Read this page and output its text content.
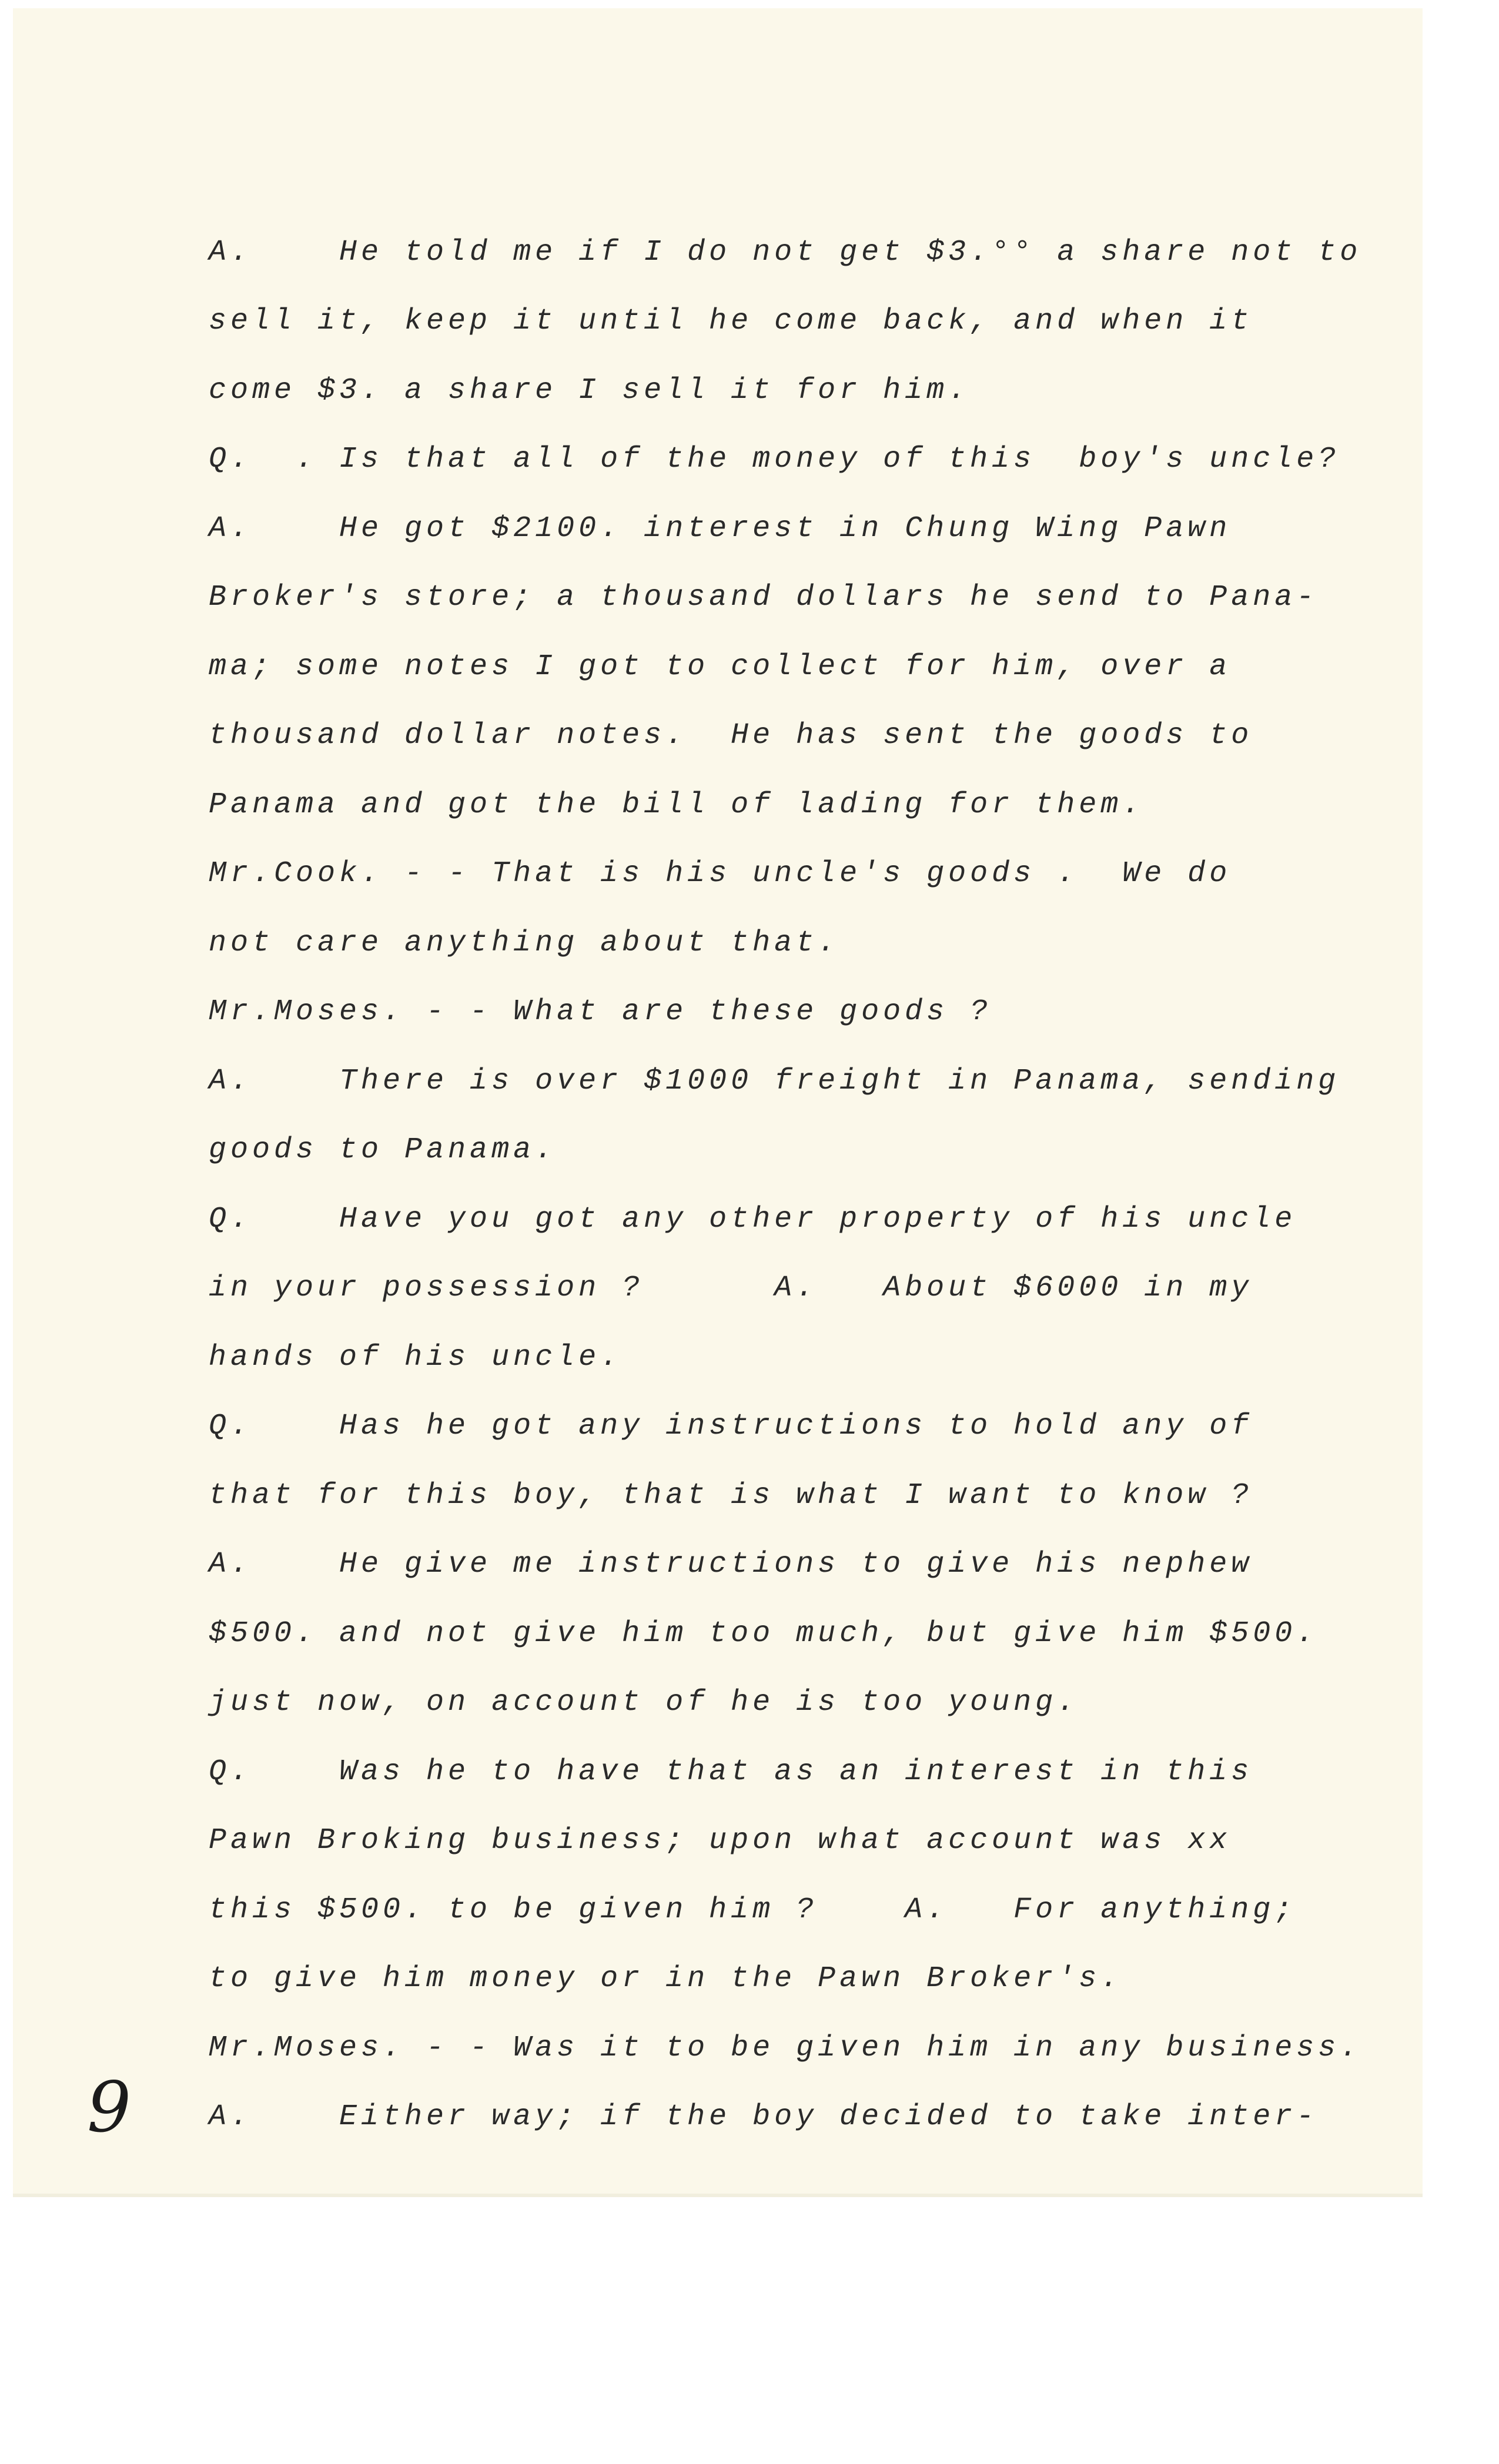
A.    He told me if I do not get $3.°° a share not to
sell it, keep it until he come back, and when it
come $3. a share I sell it for him.
Q.  . Is that all of the money of this  boy's uncle?
A.    He got $2100. interest in Chung Wing Pawn
Broker's store; a thousand dollars he send to Pana-
ma; some notes I got to collect for him, over a
thousand dollar notes.  He has sent the goods to
Panama and got the bill of lading for them.
Mr.Cook. - - That is his uncle's goods .  We do
not care anything about that.
Mr.Moses. - - What are these goods ?
A.    There is over $1000 freight in Panama, sending
goods to Panama.
Q.    Have you got any other property of his uncle
in your possession ?      A.   About $6000 in my
hands of his uncle.
Q.    Has he got any instructions to hold any of
that for this boy, that is what I want to know ?
A.    He give me instructions to give his nephew
$500. and not give him too much, but give him $500.
just now, on account of he is too young.
Q.    Was he to have that as an interest in this
Pawn Broking business; upon what account was xx
this $500. to be given him ?    A.   For anything;
to give him money or in the Pawn Broker's.
Mr.Moses. - - Was it to be given him in any business.
A.    Either way; if the boy decided to take inter-
9
